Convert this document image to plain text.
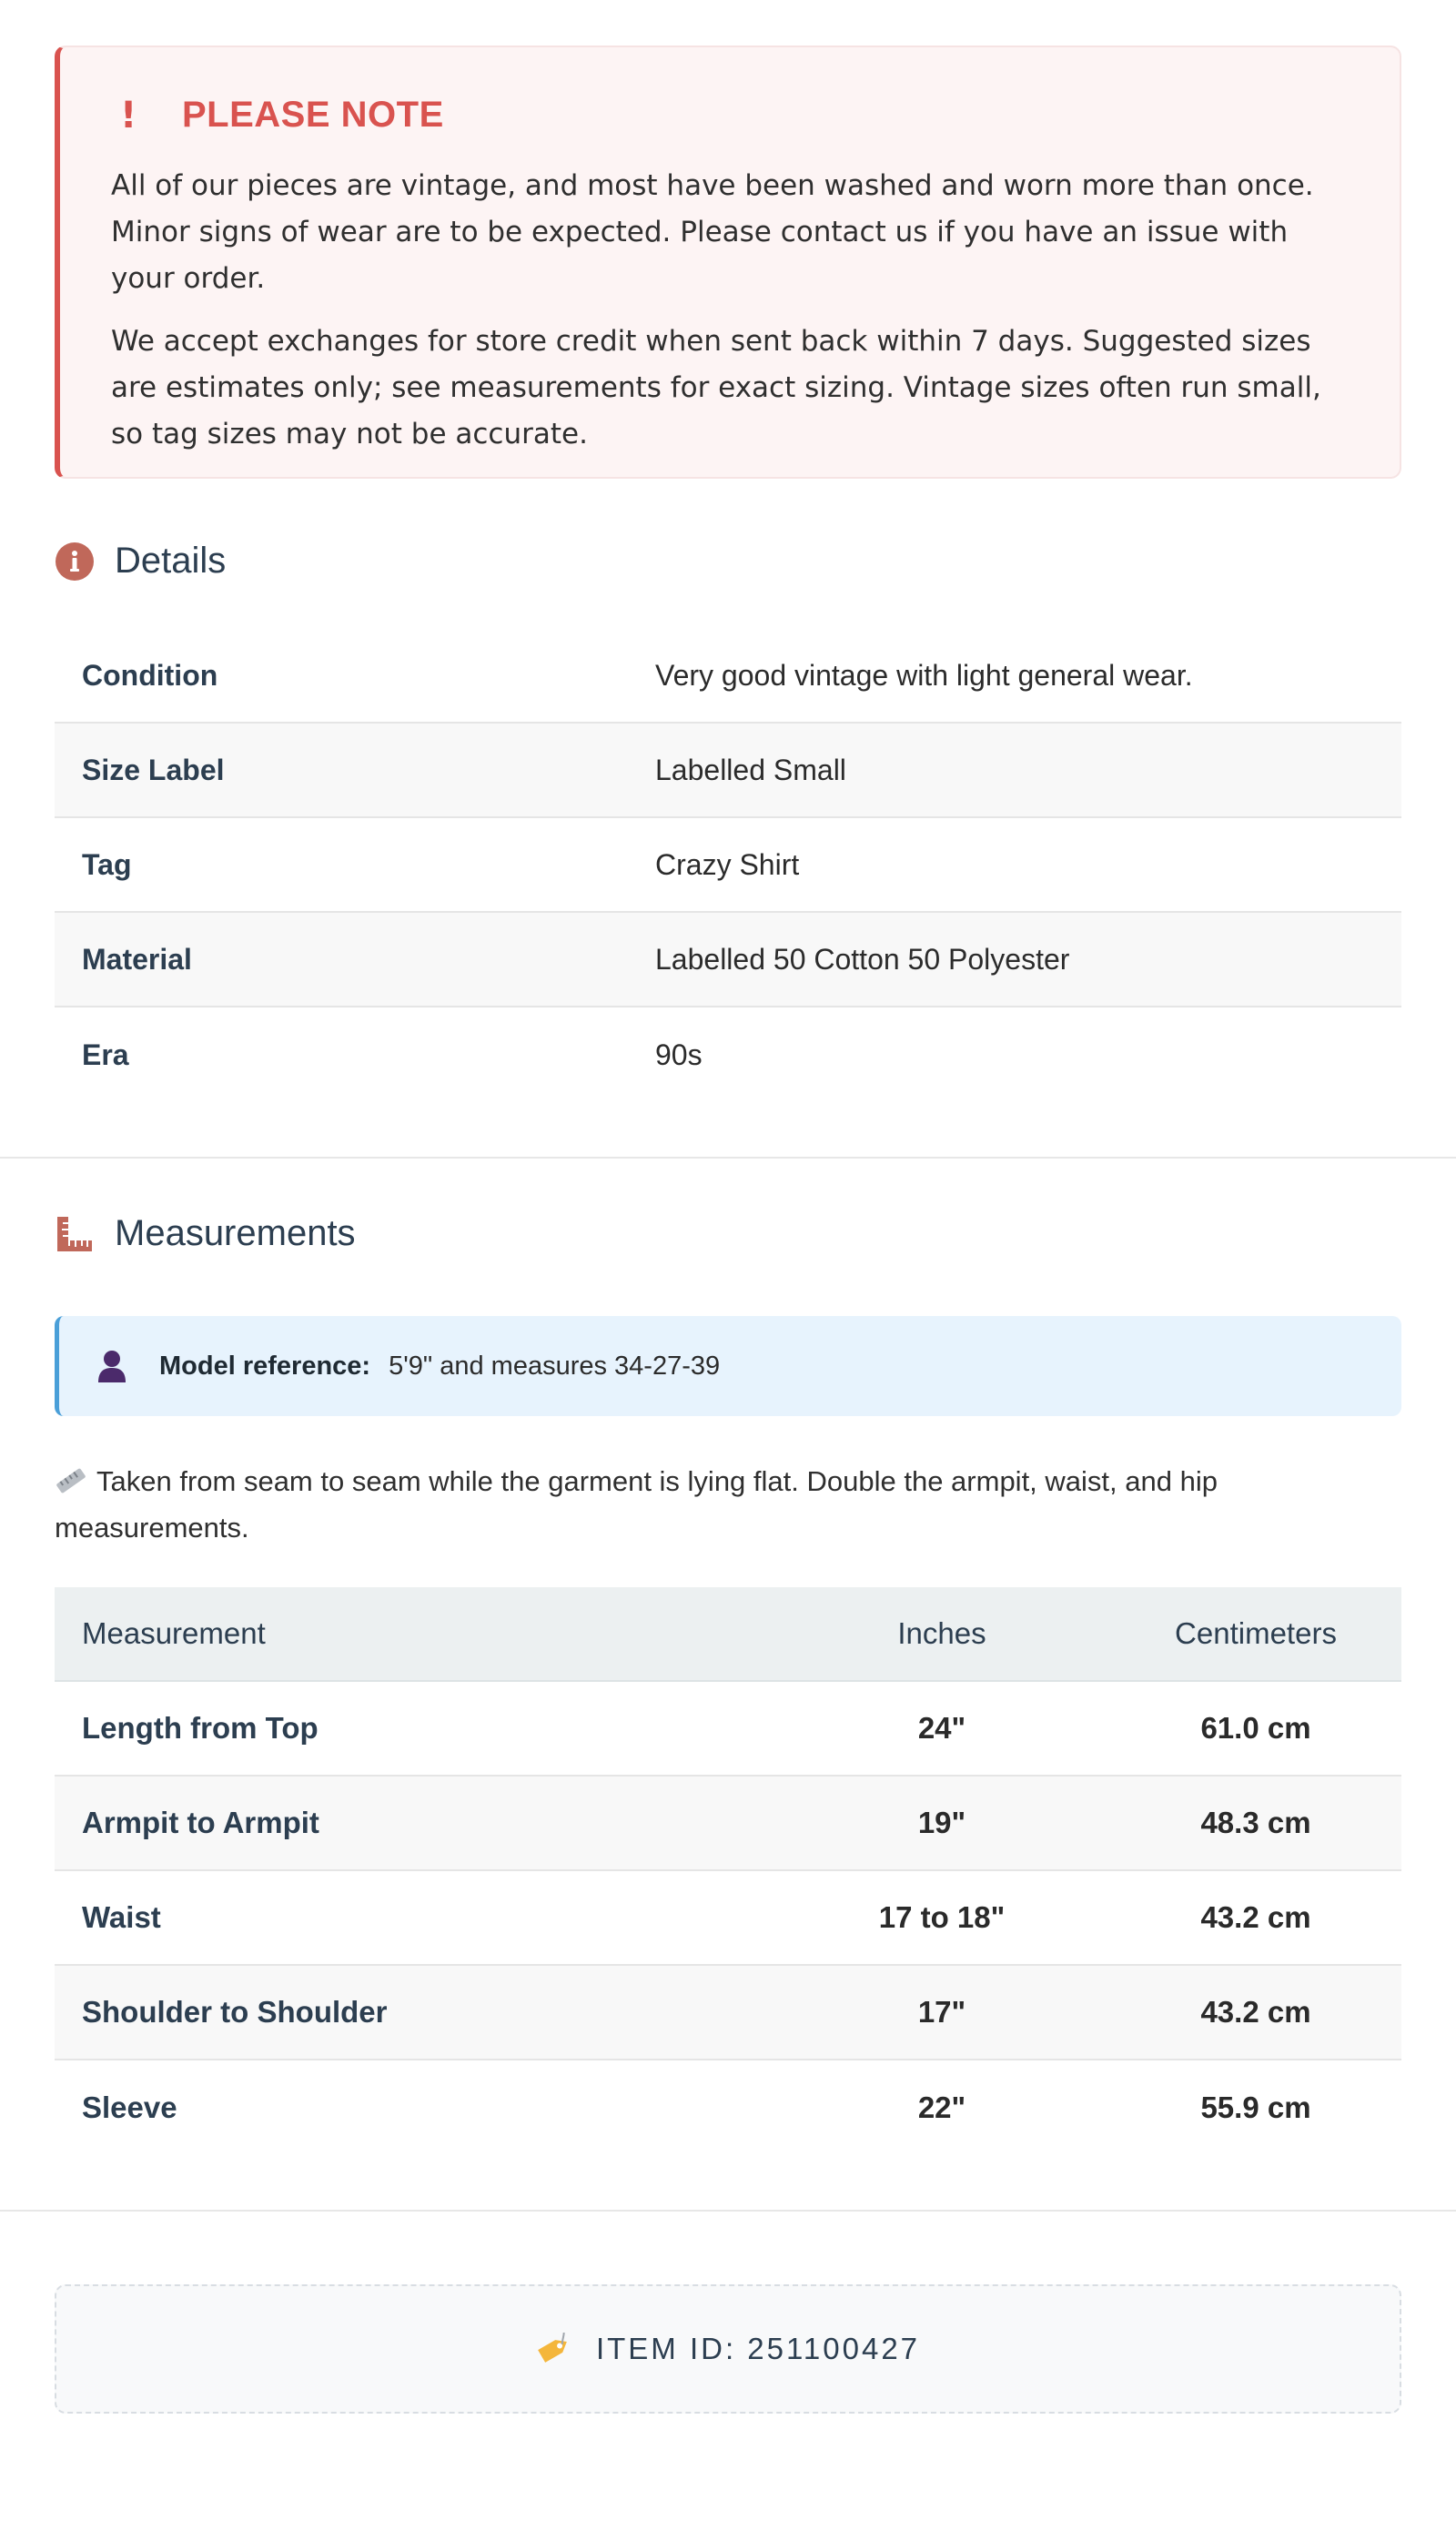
!	PLEASE NOTE

All of our pieces are vintage, and most have been washed and worn more than once. Minor signs of wear are to be expected. Please contact us if you have an issue with your order.

We accept exchanges for store credit when sent back within 7 days. Suggested sizes are estimates only; see measurements for exact sizing. Vintage sizes often run small, so tag sizes may not be accurate.

Details
Condition	Very good vintage with light general wear.
Size Label	Labelled Small
Tag	Crazy Shirt
Material	Labelled 50 Cotton 50 Polyester
Era	90s
Measurements
Model reference: 5'9" and measures 34-27-39
Taken from seam to seam while the garment is lying flat. Double the armpit, waist, and hip measurements.
Measurement	Inches	Centimeters
Length from Top	24"	61.0 cm
Armpit to Armpit	19"	48.3 cm
Waist	17 to 18"	43.2 cm
Shoulder to Shoulder	17"	43.2 cm
Sleeve	22"	55.9 cm
ITEM ID: 251100427
